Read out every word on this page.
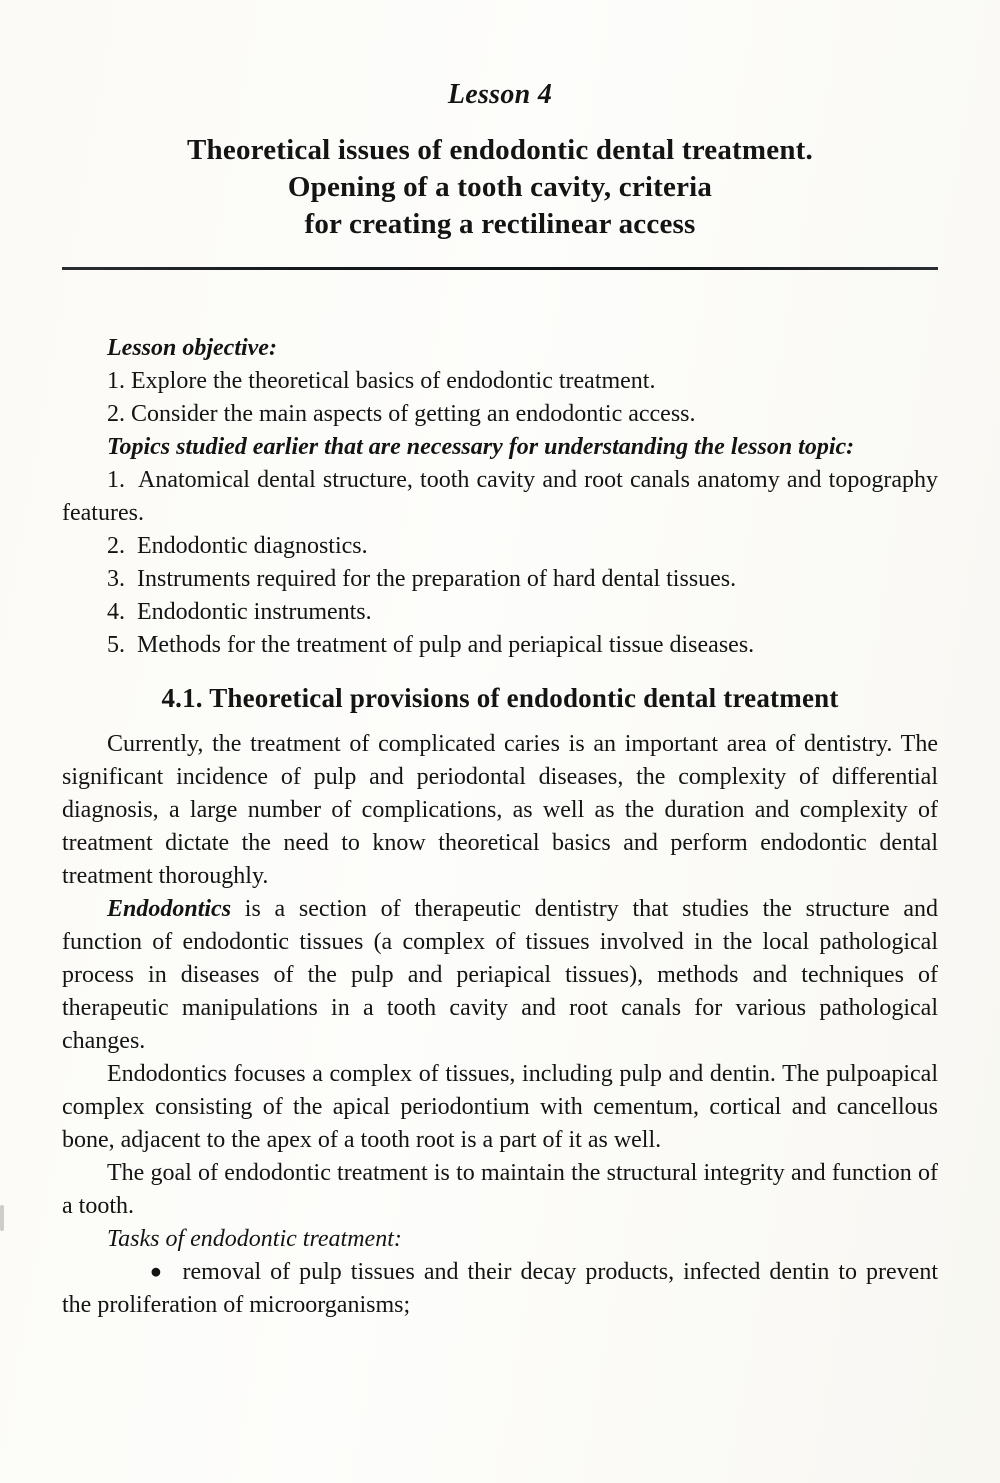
Lesson 4
Theoretical issues of endodontic dental treatment.
Opening of a tooth cavity, criteria
for creating a rectilinear access

Lesson objective:

1. Explore the theoretical basics of endodontic treatment.

2. Consider the main aspects of getting an endodontic access.

Topics studied earlier that are necessary for understanding the lesson topic:

1.  Anatomical dental structure, tooth cavity and root canals anatomy and topography features.

2.  Endodontic diagnostics.

3.  Instruments required for the preparation of hard dental tissues.

4.  Endodontic instruments.

5.  Methods for the treatment of pulp and periapical tissue diseases.

4.1. Theoretical provisions of endodontic dental treatment

Currently, the treatment of complicated caries is an important area of dentistry. The significant incidence of pulp and periodontal diseases, the complexity of differential diagnosis, a large number of complications, as well as the duration and complexity of treatment dictate the need to know theoretical basics and perform endodontic dental treatment thoroughly.

Endodontics is a section of therapeutic dentistry that studies the structure and function of endodontic tissues (a complex of tissues involved in the local pathological process in diseases of the pulp and periapical tissues), methods and techniques of therapeutic manipulations in a tooth cavity and root canals for various pathological changes.

Endodontics focuses a complex of tissues, including pulp and dentin. The pulpoapical complex consisting of the apical periodontium with cementum, cortical and cancellous bone, adjacent to the apex of a tooth root is a part of it as well.

The goal of endodontic treatment is to maintain the structural integrity and function of a tooth.

Tasks of endodontic treatment:

● removal of pulp tissues and their decay products, infected dentin to prevent the proliferation of microorganisms;
